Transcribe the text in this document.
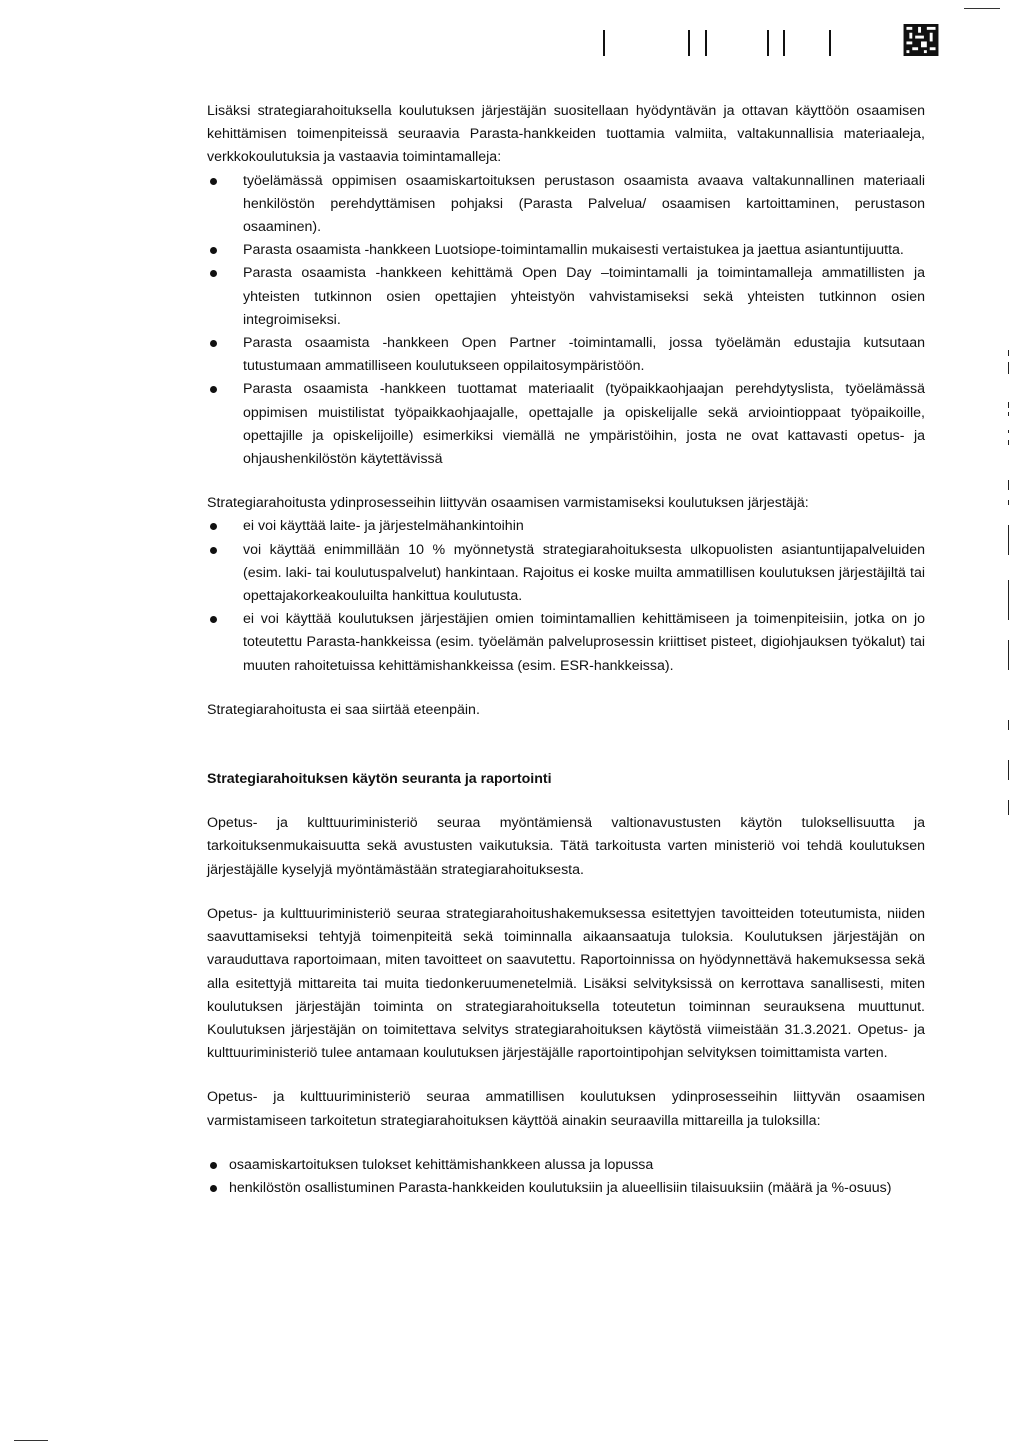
Lisäksi strategiarahoituksella koulutuksen järjestäjän suositellaan hyödyntävän ja ottavan käyttöön osaamisen kehittämisen toimenpiteissä seuraavia Parasta-hankkeiden tuottamia valmiita, valtakunnallisia materiaaleja, verkkokoulutuksia ja vastaavia toimintamalleja:

työelämässä oppimisen osaamiskartoituksen perustason osaamista avaava valtakunnallinen materiaali henkilöstön perehdyttämisen pohjaksi (Parasta Palvelua/ osaamisen kartoittaminen, perustason osaaminen).
Parasta osaamista -hankkeen Luotsiope-toimintamallin mukaisesti vertaistukea ja jaettua asiantuntijuutta.
Parasta osaamista -hankkeen kehittämä Open Day –toimintamalli ja toimintamalleja ammatillisten ja yhteisten tutkinnon osien opettajien yhteistyön vahvistamiseksi sekä yhteisten tutkinnon osien integroimiseksi.
Parasta osaamista -hankkeen Open Partner -toimintamalli, jossa työelämän edustajia kutsutaan tutustumaan ammatilliseen koulutukseen oppilaitosympäristöön.
Parasta osaamista -hankkeen tuottamat materiaalit (työpaikkaohjaajan perehdytyslista, työelämässä oppimisen muistilistat työpaikkaohjaajalle, opettajalle ja opiskelijalle sekä arviointioppaat työpaikoille, opettajille ja opiskelijoille) esimerkiksi viemällä ne ympäristöihin, josta ne ovat kattavasti opetus- ja ohjaushenkilöstön käytettävissä

Strategiarahoitusta ydinprosesseihin liittyvän osaamisen varmistamiseksi koulutuksen järjestäjä:

ei voi käyttää laite- ja järjestelmähankintoihin
voi käyttää enimmillään 10 % myönnetystä strategiarahoituksesta ulkopuolisten asiantuntijapalveluiden (esim. laki- tai koulutuspalvelut) hankintaan. Rajoitus ei koske muilta ammatillisen koulutuksen järjestäjiltä tai opettajakorkeakouluilta hankittua koulutusta.
ei voi käyttää koulutuksen järjestäjien omien toimintamallien kehittämiseen ja toimenpiteisiin, jotka on jo toteutettu Parasta-hankkeissa (esim. työelämän palveluprosessin kriittiset pisteet, digiohjauksen työkalut) tai muuten rahoitetuissa kehittämishankkeissa (esim. ESR-hankkeissa).

Strategiarahoitusta ei saa siirtää eteenpäin.

Strategiarahoituksen käytön seuranta ja raportointi

Opetus- ja kulttuuriministeriö seuraa myöntämiensä valtionavustusten käytön tuloksellisuutta ja tarkoituksenmukaisuutta sekä avustusten vaikutuksia. Tätä tarkoitusta varten ministeriö voi tehdä koulutuksen järjestäjälle kyselyjä myöntämästään strategiarahoituksesta.

Opetus- ja kulttuuriministeriö seuraa strategiarahoitushakemuksessa esitettyjen tavoitteiden toteutumista, niiden saavuttamiseksi tehtyjä toimenpiteitä sekä toiminnalla aikaansaatuja tuloksia. Koulutuksen järjestäjän on varauduttava raportoimaan, miten tavoitteet on saavutettu. Raportoinnissa on hyödynnettävä hakemuksessa sekä alla esitettyjä mittareita tai muita tiedonkeruumenetelmiä. Lisäksi selvityksissä on kerrottava sanallisesti, miten koulutuksen järjestäjän toiminta on strategiarahoituksella toteutetun toiminnan seurauksena muuttunut. Koulutuksen järjestäjän on toimitettava selvitys strategiarahoituksen käytöstä viimeistään 31.3.2021. Opetus- ja kulttuuriministeriö tulee antamaan koulutuksen järjestäjälle raportointipohjan selvityksen toimittamista varten.

Opetus- ja kulttuuriministeriö seuraa ammatillisen koulutuksen ydinprosesseihin liittyvän osaamisen varmistamiseen tarkoitetun strategiarahoituksen käyttöä ainakin seuraavilla mittareilla ja tuloksilla:

osaamiskartoituksen tulokset kehittämishankkeen alussa ja lopussa
henkilöstön osallistuminen Parasta-hankkeiden koulutuksiin ja alueellisiin tilaisuuksiin (määrä ja %-osuus)
